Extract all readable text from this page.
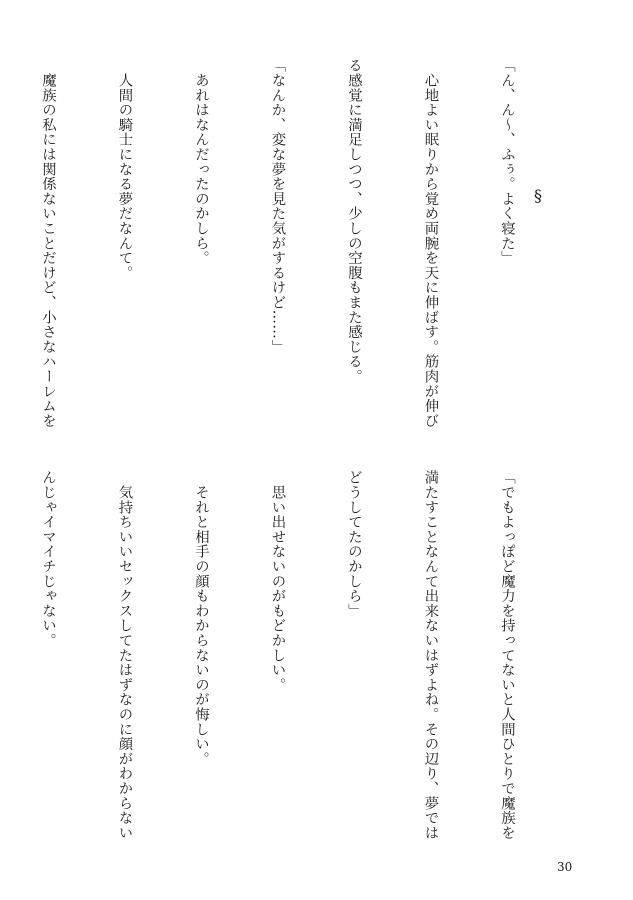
「ん、ん～、ふぅ。よく寝た」

　心地よい眠りから覚め両腕を天に伸ばす。筋肉が伸び

る感覚に満足しつつ、少しの空腹もまた感じる。

「なんか、変な夢を見た気がするけど……」

　あれはなんだったのかしら。

　人間の騎士になる夢だなんて。

　魔族の私には関係ないことだけど、小さなハーレムを

	§

「でもよっぽど魔力を持ってないと人間ひとりで魔族を

満たすことなんて出来ないはずよね。その辺り、夢では

どうしてたのかしら」

　思い出せないのがもどかしい。

　それと相手の顔もわからないのが悔しい。

　気持ちいいセックスしてたはずなのに顔がわからない

んじゃイマイチじゃない。

30
